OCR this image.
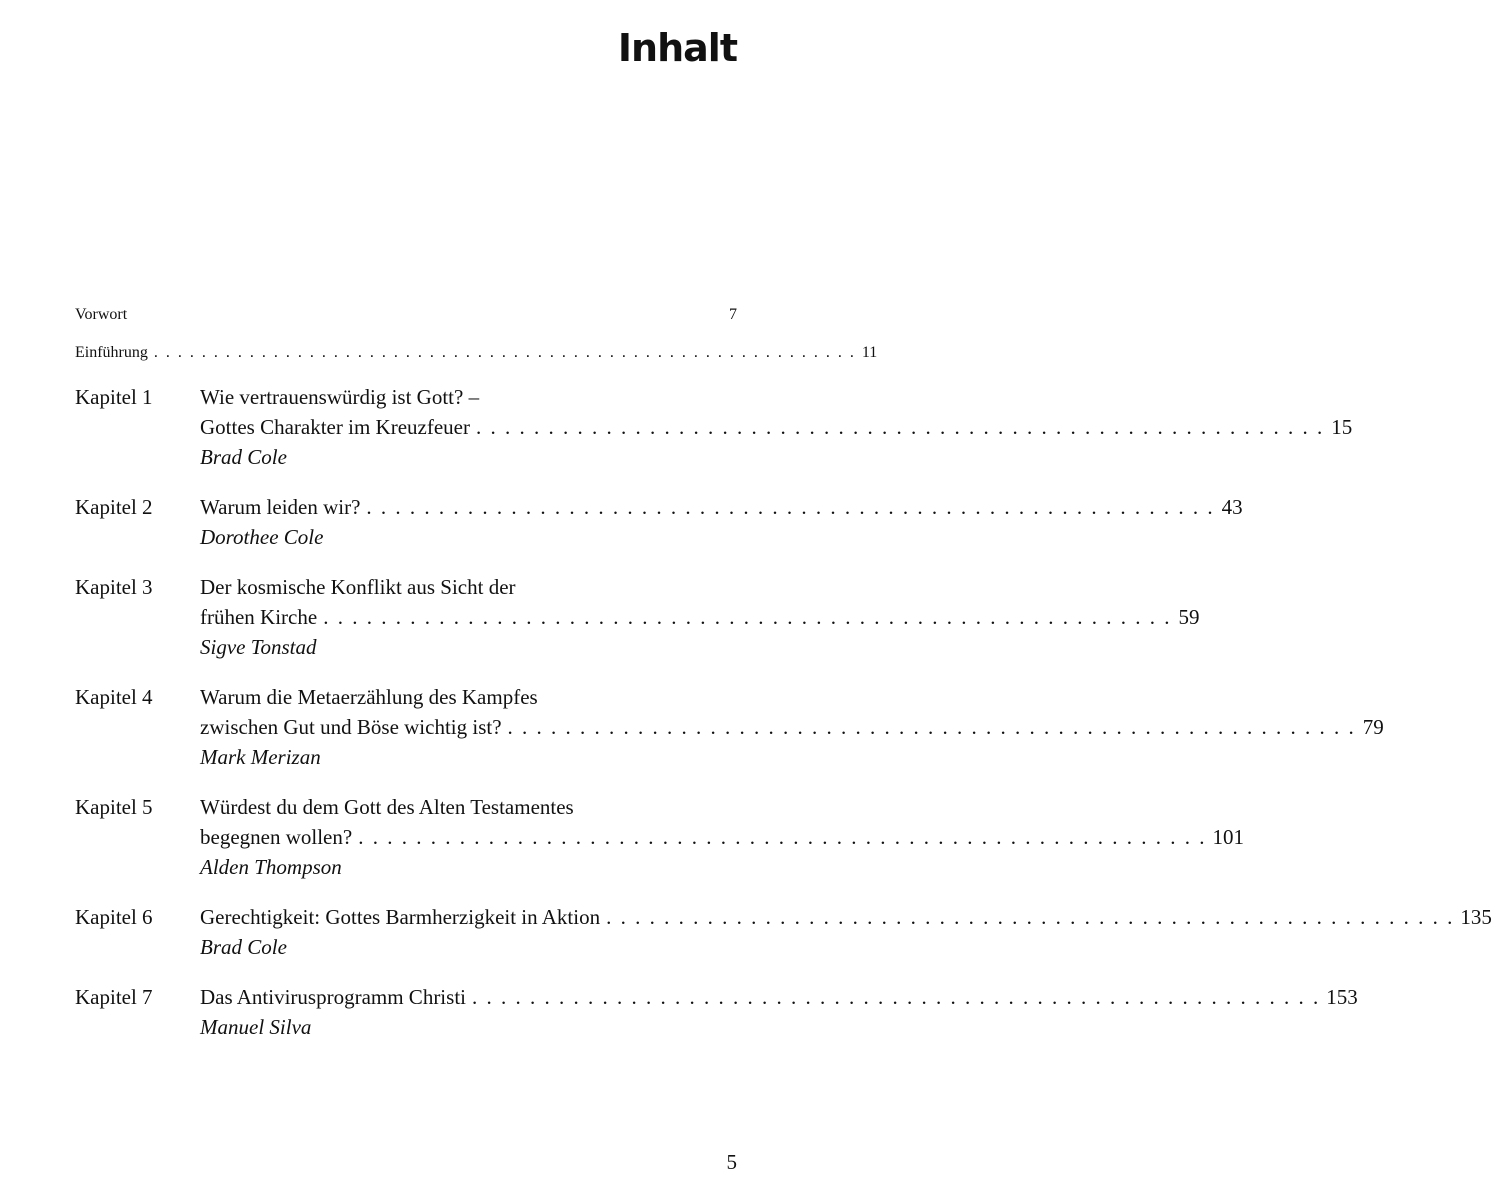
Inhalt
Vorwort	7
Einführung . . . . . . . . . . . . . . . . . . . . . . . . . . . . . . . . . . . . . . . . . . . . . . . . . . . . . . . . . . . 11
Kapitel 1	Wie vertrauenswürdig ist Gott? –
Gottes Charakter im Kreuzfeuer . . . . . . . . . . . . . . . . . . . . . . . . . . . . . . . . . . . . . . . . . . . . . . . . . . . . . . . . . . . 15
Brad Cole
Kapitel 2	Warum leiden wir? . . . . . . . . . . . . . . . . . . . . . . . . . . . . . . . . . . . . . . . . . . . . . . . . . . . . . . . . . . . 43
Dorothee Cole
Kapitel 3	Der kosmische Konflikt aus Sicht der
frühen Kirche . . . . . . . . . . . . . . . . . . . . . . . . . . . . . . . . . . . . . . . . . . . . . . . . . . . . . . . . . . . 59
Sigve Tonstad
Kapitel 4	Warum die Metaerzählung des Kampfes
zwischen Gut und Böse wichtig ist? . . . . . . . . . . . . . . . . . . . . . . . . . . . . . . . . . . . . . . . . . . . . . . . . . . . . . . . . . . . 79
Mark Merizan
Kapitel 5	Würdest du dem Gott des Alten Testamentes
begegnen wollen? . . . . . . . . . . . . . . . . . . . . . . . . . . . . . . . . . . . . . . . . . . . . . . . . . . . . . . . . . . . 101
Alden Thompson
Kapitel 6	Gerechtigkeit: Gottes Barmherzigkeit in Aktion . . . . . . . . . . . . . . . . . . . . . . . . . . . . . . . . . . . . . . . . . . . . . . . . . . . . . . . . . . . 135
Brad Cole
Kapitel 7	Das Antivirusprogramm Christi . . . . . . . . . . . . . . . . . . . . . . . . . . . . . . . . . . . . . . . . . . . . . . . . . . . . . . . . . . . 153
Manuel Silva
5
